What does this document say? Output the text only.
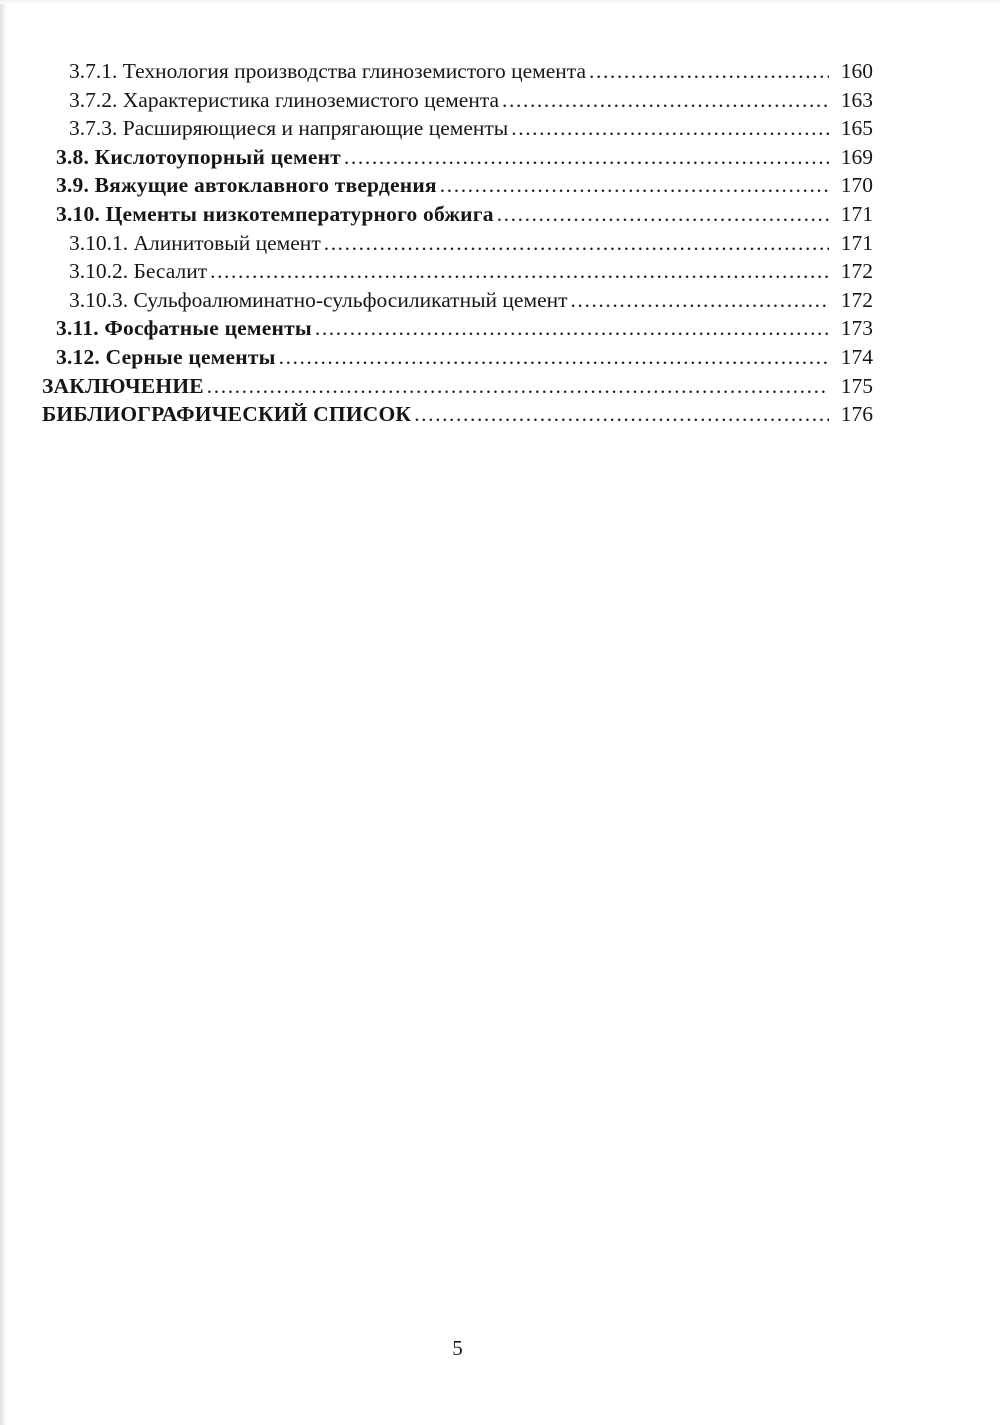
3.7.1. Технология производства глиноземистого цемента .....	160
3.7.2. Характеристика глиноземистого цемента .....	163
3.7.3. Расширяющиеся и напрягающие цементы .....	165
3.8. Кислотоупорный цемент .....	169
3.9. Вяжущие автоклавного твердения .....	170
3.10. Цементы низкотемпературного обжига .....	171
3.10.1. Алинитовый цемент .....	171
3.10.2. Бесалит .....	172
3.10.3. Сульфоалюминатно-сульфосиликатный цемент .....	172
3.11. Фосфатные цементы .....	173
3.12. Серные цементы .....	174
ЗАКЛЮЧЕНИЕ .....	175
БИБЛИОГРАФИЧЕСКИЙ СПИСОК .....	176
5
